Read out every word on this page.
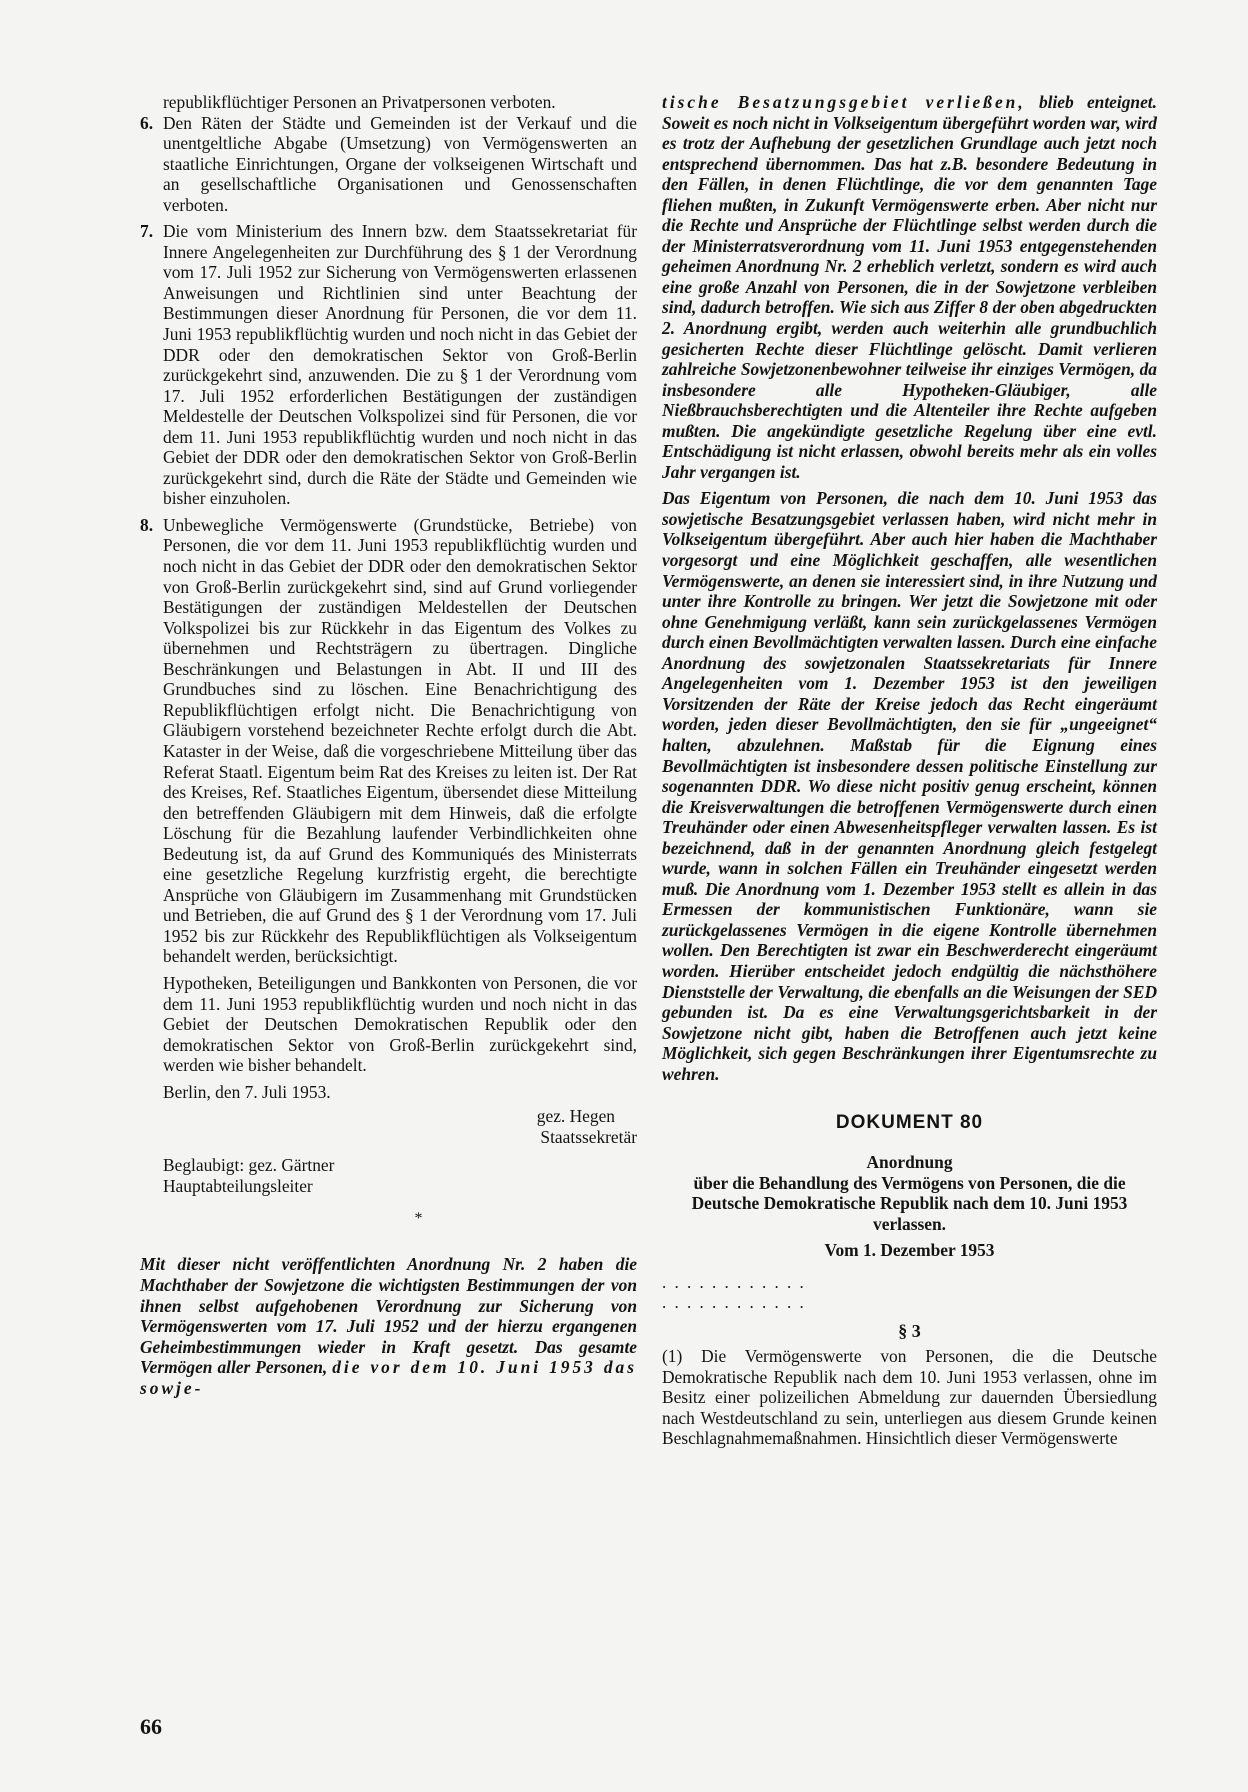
republikflüchtiger Personen an Privatpersonen verboten.

6. Den Räten der Städte und Gemeinden ist der Verkauf und die unentgeltliche Abgabe (Umsetzung) von Vermögenswerten an staatliche Einrichtungen, Organe der volkseigenen Wirtschaft und an gesellschaftliche Organisationen und Genossenschaften verboten.

7. Die vom Ministerium des Innern bzw. dem Staatssekretariat für Innere Angelegenheiten zur Durchführung des § 1 der Verordnung vom 17. Juli 1952 zur Sicherung von Vermögenswerten erlassenen Anweisungen und Richtlinien sind unter Beachtung der Bestimmungen dieser Anordnung für Personen, die vor dem 11. Juni 1953 republikflüchtig wurden und noch nicht in das Gebiet der DDR oder den demokratischen Sektor von Groß-Berlin zurückgekehrt sind, anzuwenden. Die zu § 1 der Verordnung vom 17. Juli 1952 erforderlichen Bestätigungen der zuständigen Meldestelle der Deutschen Volkspolizei sind für Personen, die vor dem 11. Juni 1953 republikflüchtig wurden und noch nicht in das Gebiet der DDR oder den demokratischen Sektor von Groß-Berlin zurückgekehrt sind, durch die Räte der Städte und Gemeinden wie bisher einzuholen.

8. Unbewegliche Vermögenswerte (Grundstücke, Betriebe) von Personen, die vor dem 11. Juni 1953 republikflüchtig wurden und noch nicht in das Gebiet der DDR oder den demokratischen Sektor von Groß-Berlin zurückgekehrt sind, sind auf Grund vorliegender Bestätigungen der zuständigen Meldestellen der Deutschen Volkspolizei bis zur Rückkehr in das Eigentum des Volkes zu übernehmen und Rechtsträgern zu übertragen. Dingliche Beschränkungen und Belastungen in Abt. II und III des Grundbuches sind zu löschen. Eine Benachrichtigung des Republikflüchtigen erfolgt nicht. Die Benachrichtigung von Gläubigern vorstehend bezeichneter Rechte erfolgt durch die Abt. Kataster in der Weise, daß die vorgeschriebene Mitteilung über das Referat Staatl. Eigentum beim Rat des Kreises zu leiten ist. Der Rat des Kreises, Ref. Staatliches Eigentum, übersendet diese Mitteilung den betreffenden Gläubigern mit dem Hinweis, daß die erfolgte Löschung für die Bezahlung laufender Verbindlichkeiten ohne Bedeutung ist, da auf Grund des Kommuniqués des Ministerrats eine gesetzliche Regelung kurzfristig ergeht, die berechtigte Ansprüche von Gläubigern im Zusammenhang mit Grundstücken und Betrieben, die auf Grund des § 1 der Verordnung vom 17. Juli 1952 bis zur Rückkehr des Republikflüchtigen als Volkseigentum behandelt werden, berücksichtigt.

Hypotheken, Beteiligungen und Bankkonten von Personen, die vor dem 11. Juni 1953 republikflüchtig wurden und noch nicht in das Gebiet der Deutschen Demokratischen Republik oder den demokratischen Sektor von Groß-Berlin zurückgekehrt sind, werden wie bisher behandelt.

Berlin, den 7. Juli 1953.

gez. Hegen
Staatssekretär
Beglaubigt: gez. Gärtner
Hauptabteilungsleiter
*

Mit dieser nicht veröffentlichten Anordnung Nr. 2 haben die Machthaber der Sowjetzone die wichtigsten Bestimmungen der von ihnen selbst aufgehobenen Verordnung zur Sicherung von Vermögenswerten vom 17. Juli 1952 und der hierzu ergangenen Geheimbestimmungen wieder in Kraft gesetzt. Das gesamte Vermögen aller Personen, die vor dem 10. Juni 1953 das sowje-

tische Besatzungsgebiet verließen, blieb enteignet. Soweit es noch nicht in Volkseigentum übergeführt worden war, wird es trotz der Aufhebung der gesetzlichen Grundlage auch jetzt noch entsprechend übernommen. Das hat z.B. besondere Bedeutung in den Fällen, in denen Flüchtlinge, die vor dem genannten Tage fliehen mußten, in Zukunft Vermögenswerte erben. Aber nicht nur die Rechte und Ansprüche der Flüchtlinge selbst werden durch die der Ministerratsverordnung vom 11. Juni 1953 entgegenstehenden geheimen Anordnung Nr. 2 erheblich verletzt, sondern es wird auch eine große Anzahl von Personen, die in der Sowjetzone verbleiben sind, dadurch betroffen. Wie sich aus Ziffer 8 der oben abgedruckten 2. Anordnung ergibt, werden auch weiterhin alle grundbuchlich gesicherten Rechte dieser Flüchtlinge gelöscht. Damit verlieren zahlreiche Sowjetzonenbewohner teilweise ihr einziges Vermögen, da insbesondere alle Hypotheken-Gläubiger, alle Nießbrauchsberechtigten und die Altenteiler ihre Rechte aufgeben mußten. Die angekündigte gesetzliche Regelung über eine evtl. Entschädigung ist nicht erlassen, obwohl bereits mehr als ein volles Jahr vergangen ist.

Das Eigentum von Personen, die nach dem 10. Juni 1953 das sowjetische Besatzungsgebiet verlassen haben, wird nicht mehr in Volkseigentum übergeführt. Aber auch hier haben die Machthaber vorgesorgt und eine Möglichkeit geschaffen, alle wesentlichen Vermögenswerte, an denen sie interessiert sind, in ihre Nutzung und unter ihre Kontrolle zu bringen. Wer jetzt die Sowjetzone mit oder ohne Genehmigung verläßt, kann sein zurückgelassenes Vermögen durch einen Bevollmächtigten verwalten lassen. Durch eine einfache Anordnung des sowjetzonalen Staatssekretariats für Innere Angelegenheiten vom 1. Dezember 1953 ist den jeweiligen Vorsitzenden der Räte der Kreise jedoch das Recht eingeräumt worden, jeden dieser Bevollmächtigten, den sie für „ungeeignet“ halten, abzulehnen. Maßstab für die Eignung eines Bevollmächtigten ist insbesondere dessen politische Einstellung zur sogenannten DDR. Wo diese nicht positiv genug erscheint, können die Kreisverwaltungen die betroffenen Vermögenswerte durch einen Treuhänder oder einen Abwesenheitspfleger verwalten lassen. Es ist bezeichnend, daß in der genannten Anordnung gleich festgelegt wurde, wann in solchen Fällen ein Treuhänder eingesetzt werden muß. Die Anordnung vom 1. Dezember 1953 stellt es allein in das Ermessen der kommunistischen Funktionäre, wann sie zurückgelassenes Vermögen in die eigene Kontrolle übernehmen wollen. Den Berechtigten ist zwar ein Beschwerderecht eingeräumt worden. Hierüber entscheidet jedoch endgültig die nächsthöhere Dienststelle der Verwaltung, die ebenfalls an die Weisungen der SED gebunden ist. Da es eine Verwaltungsgerichtsbarkeit in der Sowjetzone nicht gibt, haben die Betroffenen auch jetzt keine Möglichkeit, sich gegen Beschränkungen ihrer Eigentumsrechte zu wehren.

DOKUMENT 80

Anordnung

über die Behandlung des Vermögens von Personen, die die Deutsche Demokratische Republik nach dem 10. Juni 1953 verlassen.

Vom 1. Dezember 1953

. . . . . . . . . . . .

. . . . . . . . . . . .

§ 3

(1) Die Vermögenswerte von Personen, die die Deutsche Demokratische Republik nach dem 10. Juni 1953 verlassen, ohne im Besitz einer polizeilichen Abmeldung zur dauernden Übersiedlung nach Westdeutschland zu sein, unterliegen aus diesem Grunde keinen Beschlagnahmemaßnahmen. Hinsichtlich dieser Vermögenswerte

66
